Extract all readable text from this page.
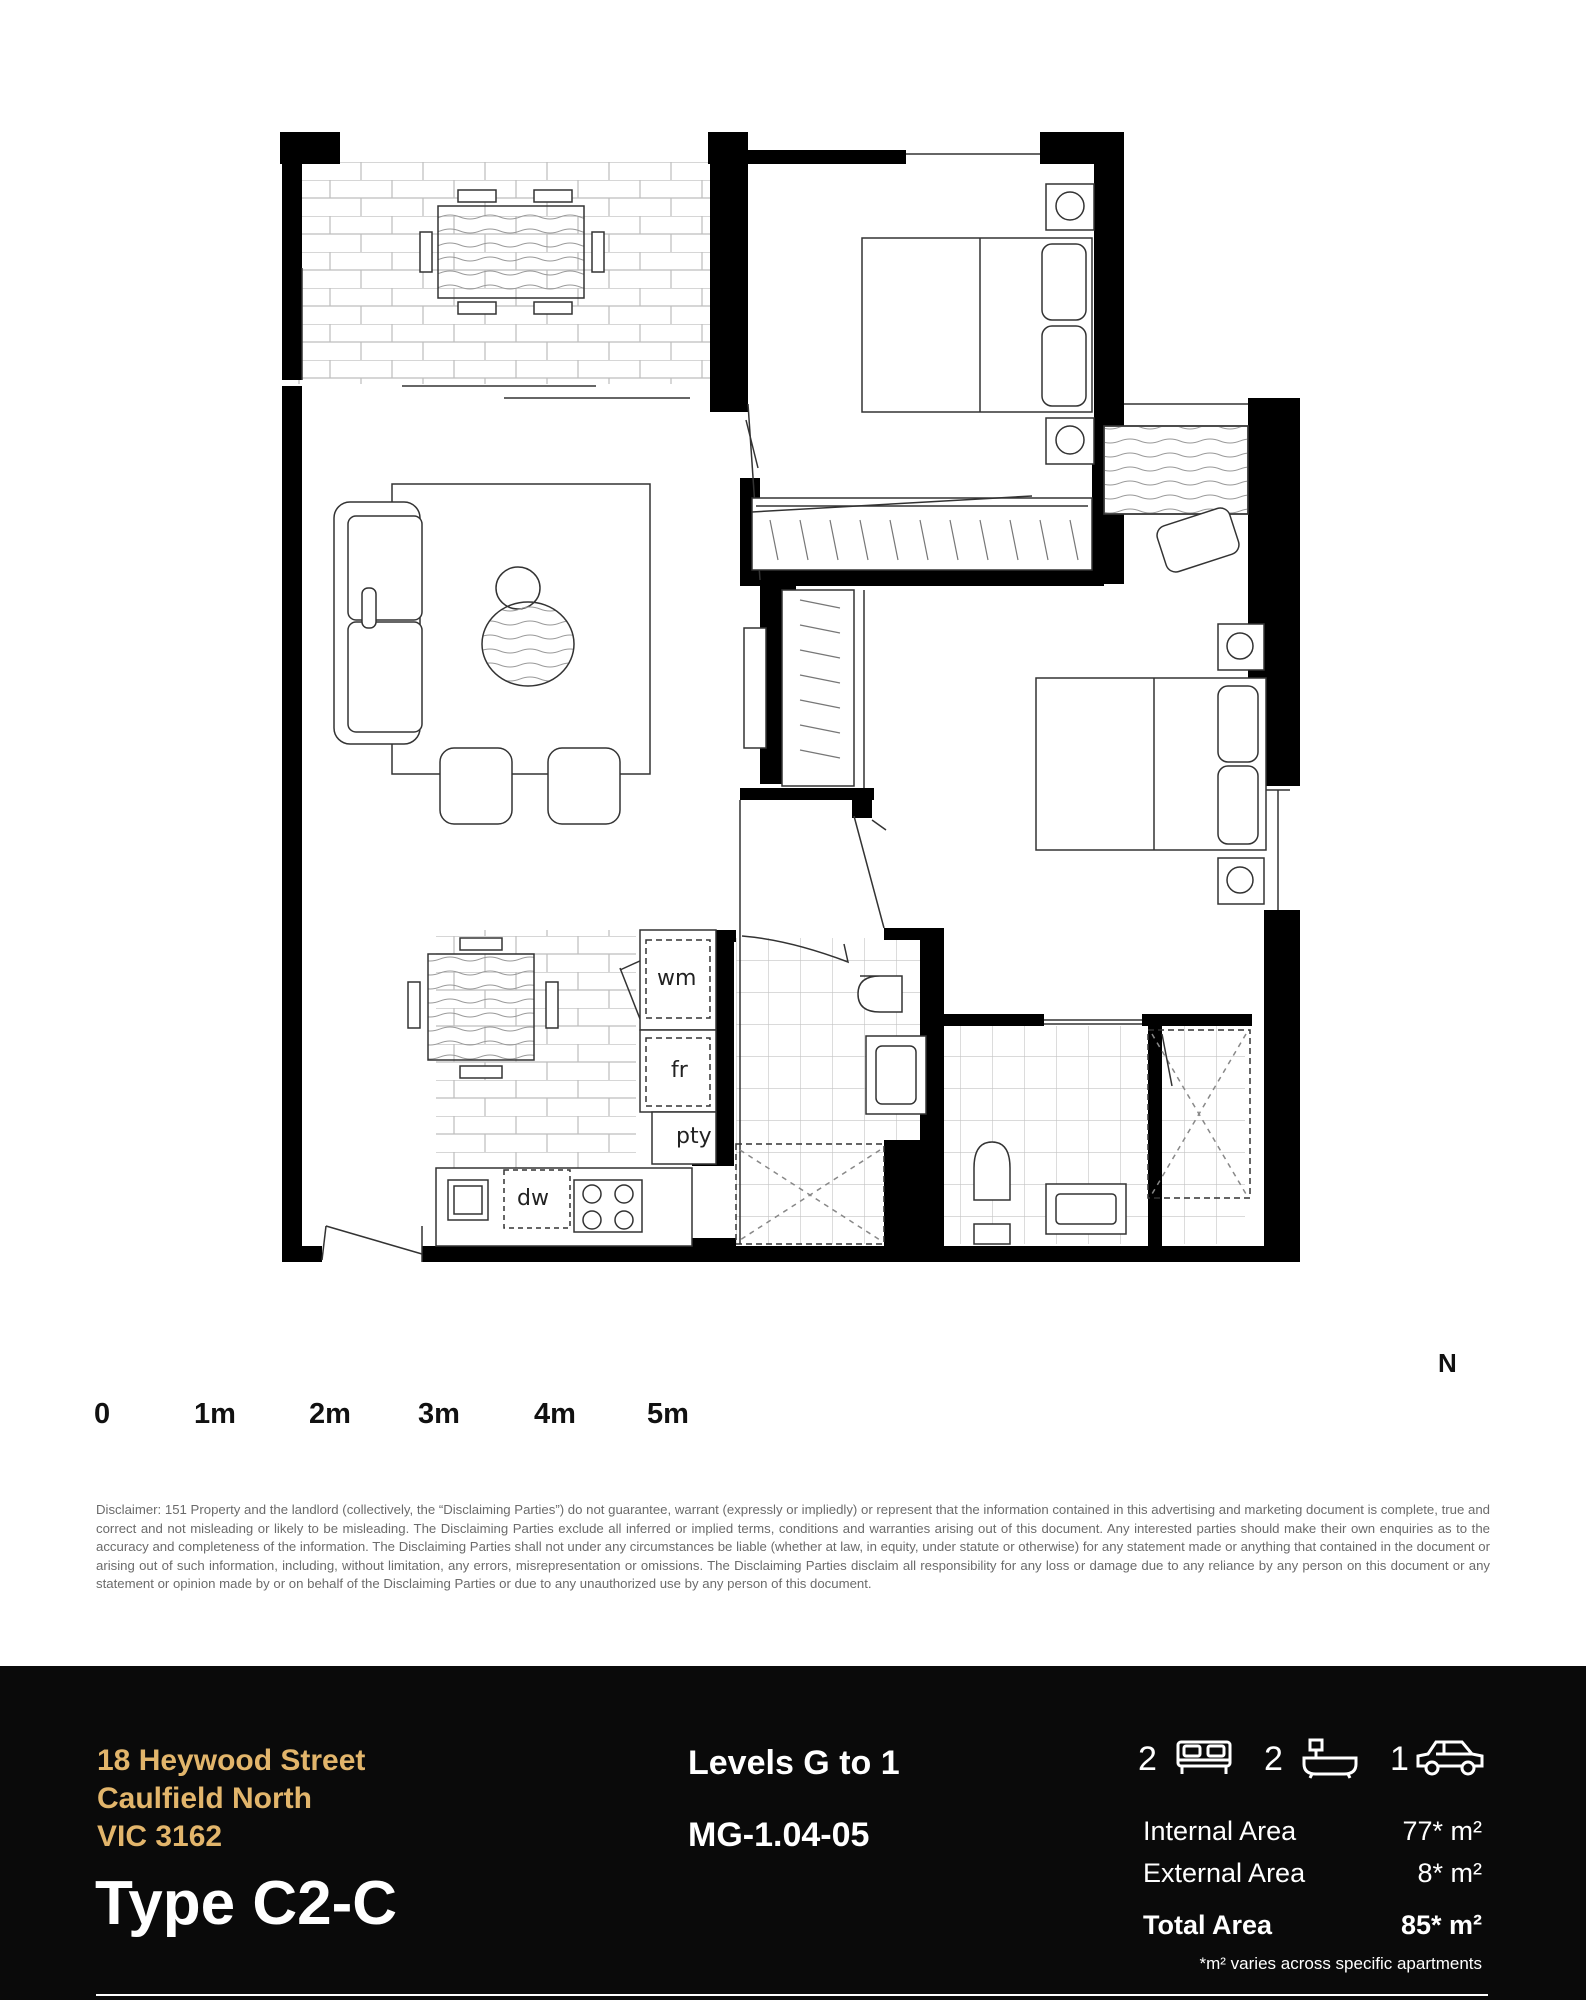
wm
fr
pty
dw
0	1m	2m 3m	4m 5m
N
Disclaimer: 151 Property and the landlord (collectively, the “Disclaiming Parties”) do not guarantee, warrant (expressly or impliedly) or represent that the information contained in this advertising and marketing document is complete, true and correct and not misleading or likely to be misleading. The Disclaiming Parties exclude all inferred or implied terms, conditions and warranties arising out of this document. Any interested parties should make their own enquiries as to the accuracy and completeness of the information. The Disclaiming Parties shall not under any circumstances be liable (whether at law, in equity, under statute or otherwise) for any statement made or anything that contained in the document or arising out of such information, including, without limitation, any errors, misrepresentation or omissions. The Disclaiming Parties disclaim all responsibility for any loss or damage due to any reliance by any person on this document or any statement or opinion made by or on behalf of the Disclaiming Parties or due to any unauthorized use by any person of this document.
18 Heywood Street
Caulfield North
VIC 3162
Type C2-C
Levels G to 1
MG-1.04-05
2	2	1
Internal Area	77* m²
External Area	8* m²
Total Area	85* m²
*m² varies across specific apartments
